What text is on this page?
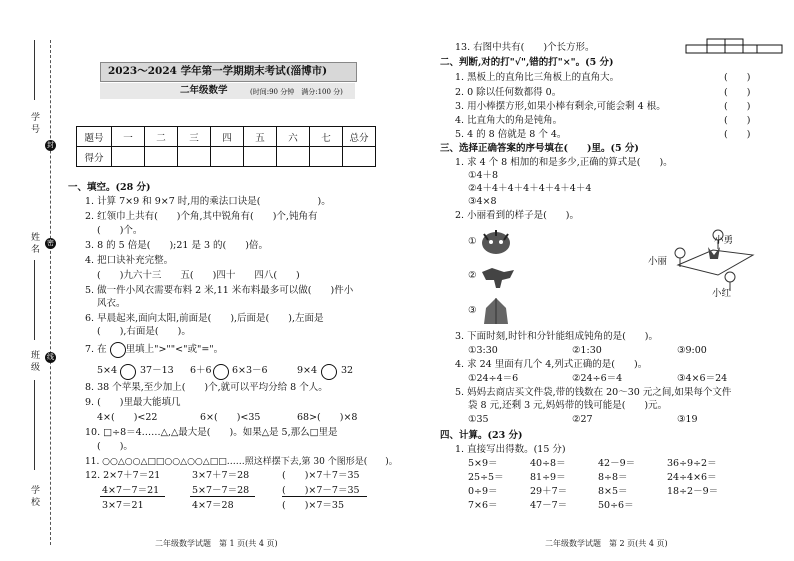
学 号
姓 名
班 级
学 校
封
密
线
2023～2024 学年第一学期期末考试(淄博市)
二年级数学	(时间:90 分钟　满分:100 分)
题号	一	二	三	四	五	六	七	总分
得分								
一、填空。(28 分)
1. 计算 7×9 和 9×7 时,用的乘法口诀是(　　　　　　)。
2. 红领巾上共有(　　)个角,其中锐角有(　　)个,钝角有
(　　)个。
3. 8 的 5 倍是(　　);21 是 3 的(　　)倍。
4. 把口诀补充完整。
(　　)九六十三　　五(　　)四十　　四八(　　)
5. 做一件小风衣需要布料 2 米,11 米布料最多可以做(　　)件小
风衣。
6. 早晨起来,面向太阳,前面是(　　),后面是(　　),左面是
(　　),右面是(　　)。
7. 在　　里填上">""<"或"="。
5×4 37－13 6＋6 6×3－6	9×4	32
8. 38 个苹果,至少加上(　　)个,就可以平均分给 8 个人。
9. (　　)里最大能填几
4×(　　)<22	6×(　　)<35	68>(　　)×8
10. □÷8＝4……△,△最大是(　　)。如果△是 5,那么□里是
(　　)。
11. ○○△○○△□□○○△○○△□□……照这样摆下去,第 30 个图形是(　　)。
12. 2×7＋7＝21	3×7＋7＝28	(　　)×7＋7＝35
4×7－7＝21	5×7－7＝28	(　　)×7－7＝35
3×7＝21	4×7＝28	(　　)×7＝35
二年级数学试题　第 1 页(共 4 页)
13. 右图中共有(　　)个长方形。
二、判断,对的打"√",错的打"×"。(5 分)
1. 黑板上的直角比三角板上的直角大。	(　　)
2. 0 除以任何数都得 0。	(　　)
3. 用小棒摆方形,如果小棒有剩余,可能会剩 4 根。	(　　)
4. 比直角大的角是钝角。	(　　)
5. 4 的 8 倍就是 8 个 4。	(　　)
三、选择正确答案的序号填在(　　)里。(5 分)
1. 求 4 个 8 相加的和是多少,正确的算式是(　　)。
①4＋8
②4＋4＋4＋4＋4＋4＋4＋4
③4×8
2. 小丽看到的样子是(　　)。
①
②
③
小丽
小勇
小红
3. 下面时刻,时针和分针能组成钝角的是(　　)。
①3:30	②1:30	③9:00
4. 求 24 里面有几个 4,列式正确的是(　　)。
①24÷4＝6	②24÷6＝4	③4×6＝24
5. 妈妈去商店买文件袋,带的钱数在 20～30 元之间,如果每个文件
袋 8 元,还剩 3 元,妈妈带的钱可能是(　　)元。
①35	②27	③19
四、计算。(23 分)
1. 直接写出得数。(15 分)
5×9＝	40÷8＝	42－9＝	36÷9÷2＝
25÷5＝	81÷9＝	8÷8＝	24÷4×6＝
0÷9＝	29＋7＝	8×5＝	18÷2－9＝
7×6＝	47－7＝	50÷6＝
二年级数学试题　第 2 页(共 4 页)
